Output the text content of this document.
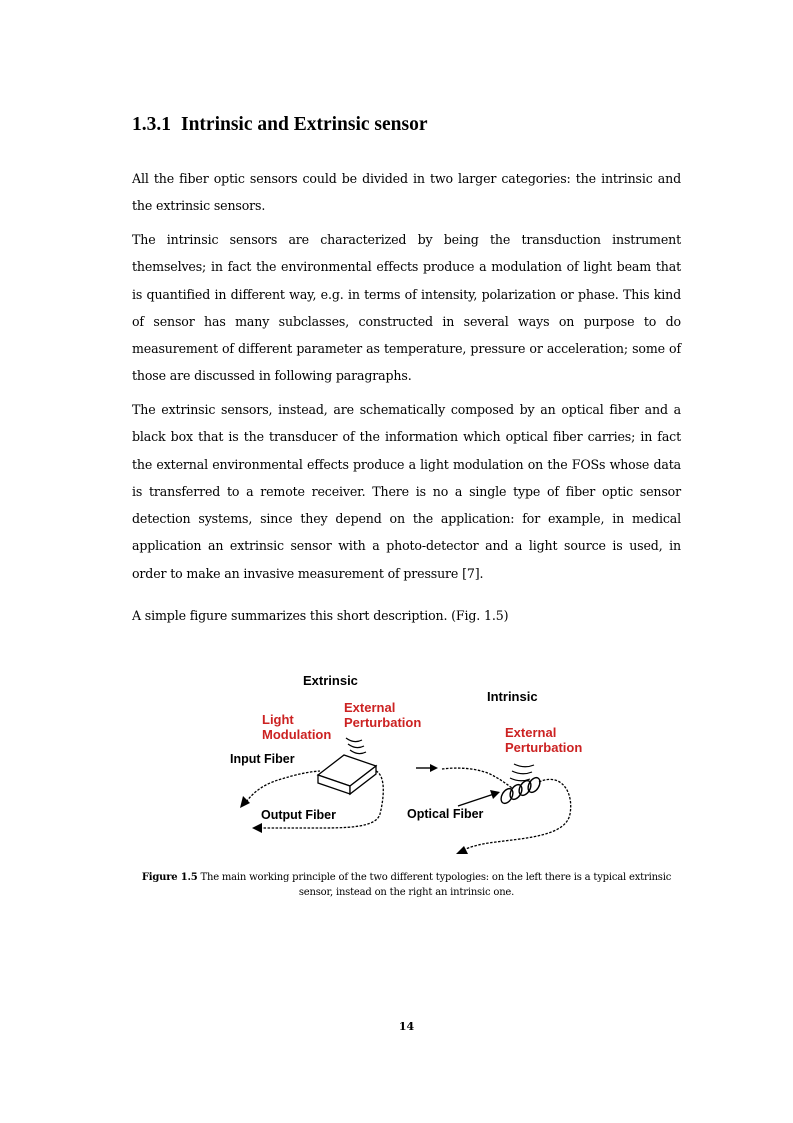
1.3.1 Intrinsic and Extrinsic sensor

All the fiber optic sensors could be divided in two larger categories: the intrinsic and the extrinsic sensors.

The intrinsic sensors are characterized by being the transduction instrument themselves; in fact the environmental effects produce a modulation of light beam that is quantified in different way, e.g. in terms of intensity, polarization or phase. This kind of sensor has many subclasses, constructed in several ways on purpose to do measurement of different parameter as temperature, pressure or acceleration; some of those are discussed in following paragraphs.

The extrinsic sensors, instead, are schematically composed by an optical fiber and a black box that is the transducer of the information which optical fiber carries; in fact the external environmental effects produce a light modulation on the FOSs whose data is transferred to a remote receiver. There is no a single type of fiber optic sensor detection systems, since they depend on the application: for example, in medical application an extrinsic sensor with a photo-detector and a light source is used, in order to make an invasive measurement of pressure [7].

A simple figure summarizes this short description. (Fig. 1.5)

Extrinsic
Light
Modulation
External
Perturbation
Input Fiber
Output Fiber
Intrinsic
External
Perturbation
Optical Fiber

Figure 1.5 The main working principle of the two different typologies: on the left there is a typical extrinsic sensor, instead on the right an intrinsic one.

14
